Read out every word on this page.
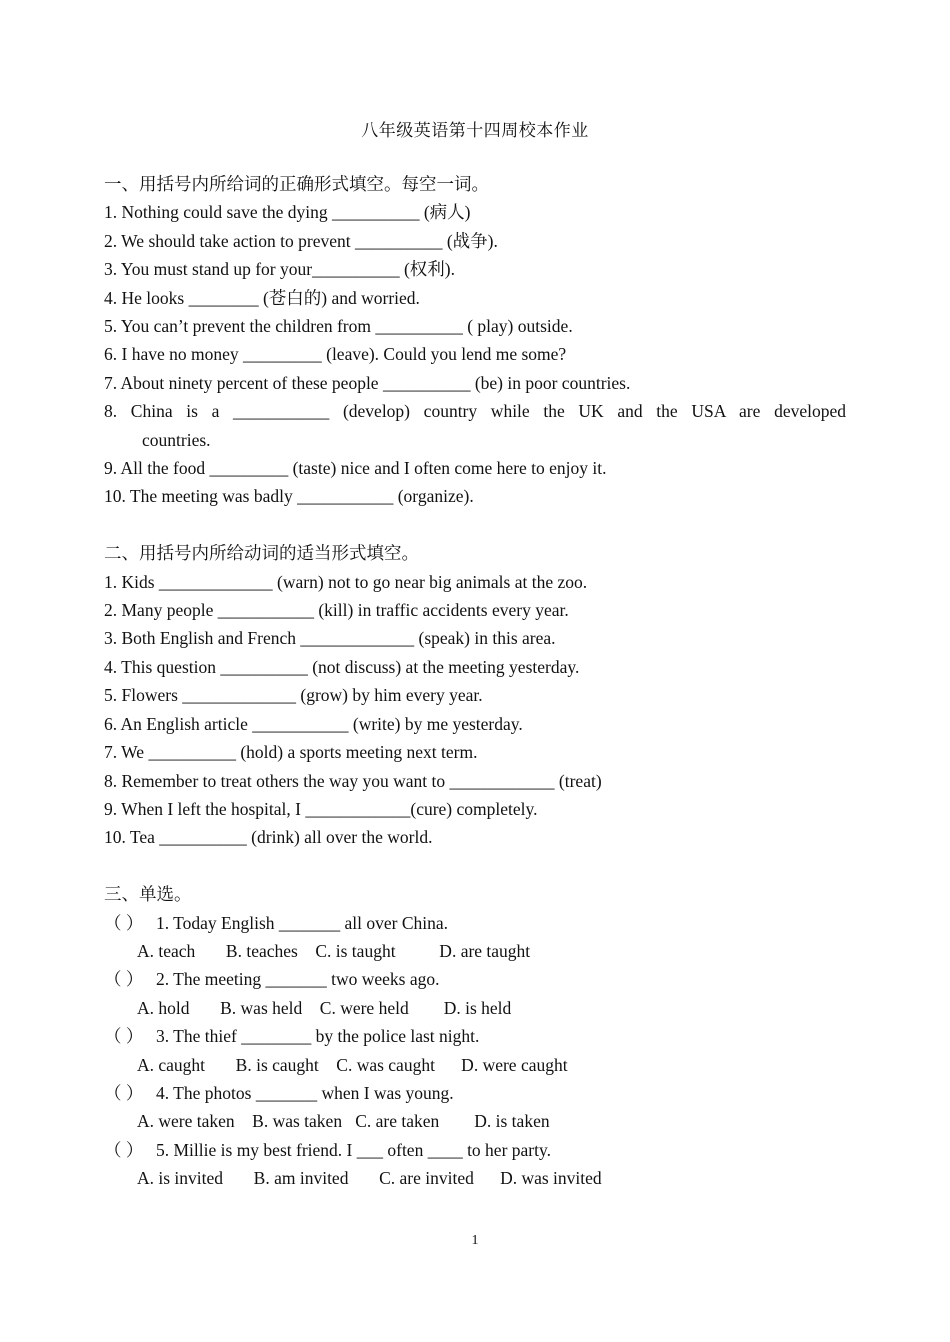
八年级英语第十四周校本作业
一、用括号内所给词的正确形式填空。每空一词。
1. Nothing could save the dying __________ (病人)
2. We should take action to prevent __________ (战争).
3. You must stand up for your__________ (权利).
4. He looks ________ (苍白的) and worried.
5. You can’t prevent the children from __________ ( play) outside.
6. I have no money _________ (leave). Could you lend me some?
7. About ninety percent of these people __________ (be) in poor countries.
8. China is a ___________ (develop) country while the UK and the USA are developed
countries.
9. All the food _________ (taste) nice and I often come here to enjoy it.
10. The meeting was badly ___________ (organize).
二、用括号内所给动词的适当形式填空。
1. Kids _____________ (warn) not to go near big animals at the zoo.
2. Many people ___________ (kill) in traffic accidents every year.
3. Both English and French _____________ (speak) in this area.
4. This question __________ (not discuss) at the meeting yesterday.
5. Flowers _____________ (grow) by him every year.
6. An English article ___________ (write) by me yesterday.
7. We __________ (hold) a sports meeting next term.
8. Remember to treat others the way you want to ____________ (treat)
9. When I left the hospital, I ____________(cure) completely.
10. Tea __________ (drink) all over the world.
三、单选。
（ ） 1. Today English _______ all over China.
A. teach       B. teaches    C. is taught          D. are taught
（ ） 2. The meeting _______ two weeks ago.
A. hold       B. was held    C. were held        D. is held
（ ） 3. The thief ________ by the police last night.
A. caught       B. is caught    C. was caught      D. were caught
（ ） 4. The photos _______ when I was young.
A. were taken    B. was taken   C. are taken        D. is taken
（ ） 5. Millie is my best friend. I ___ often ____ to her party.
A. is invited       B. am invited       C. are invited      D. was invited
1
